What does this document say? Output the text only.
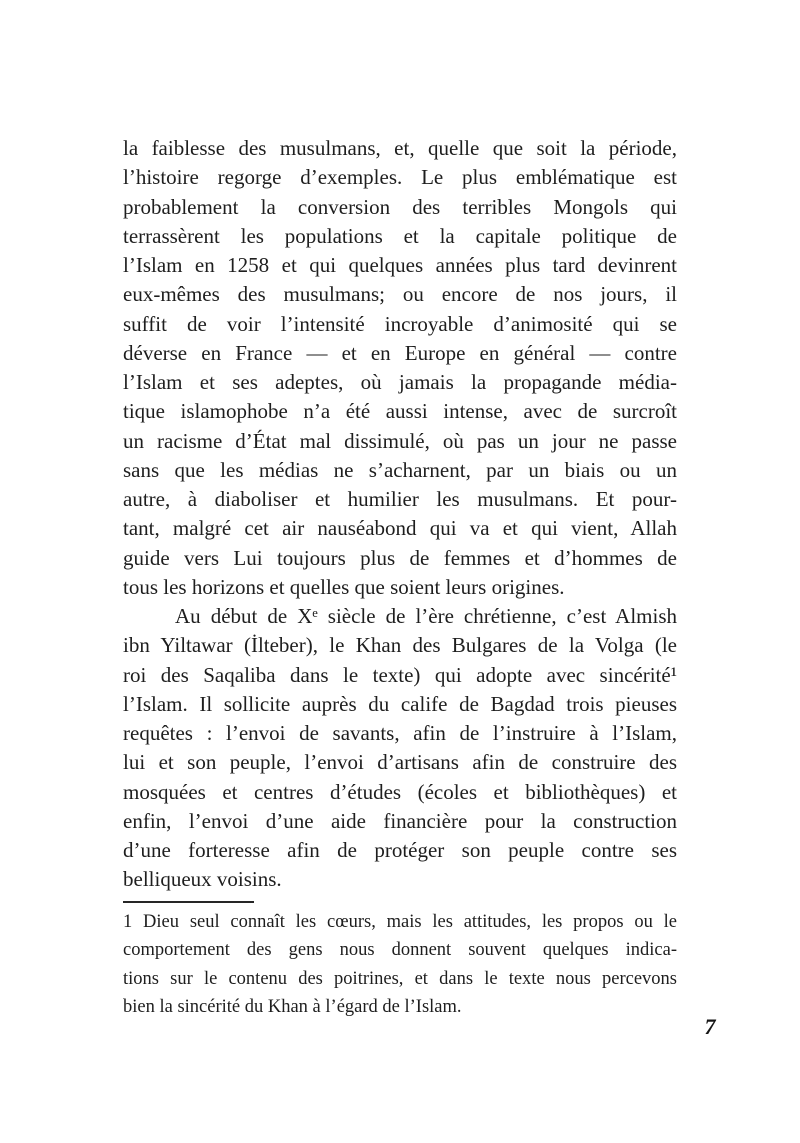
la faiblesse des musulmans, et, quelle que soit la période,
l’histoire regorge d’exemples. Le plus emblématique est
probablement la conversion des terribles Mongols qui
terrassèrent les populations et la capitale politique de
l’Islam en 1258 et qui quelques années plus tard devinrent
eux-mêmes des musulmans; ou encore de nos jours, il
suffit de voir l’intensité incroyable d’animosité qui se
déverse en France — et en Europe en général — contre
l’Islam et ses adeptes, où jamais la propagande média-
tique islamophobe n’a été aussi intense, avec de surcroît
un racisme d’État mal dissimulé, où pas un jour ne passe
sans que les médias ne s’acharnent, par un biais ou un
autre, à diaboliser et humilier les musulmans. Et pour-
tant, malgré cet air nauséabond qui va et qui vient, Allah
guide vers Lui toujours plus de femmes et d’hommes de
tous les horizons et quelles que soient leurs origines.
Au début de Xᵉ siècle de l’ère chrétienne, c’est Almish
ibn Yiltawar (İlteber), le Khan des Bulgares de la Volga (le
roi des Saqaliba dans le texte) qui adopte avec sincérité¹
l’Islam. Il sollicite auprès du calife de Bagdad trois pieuses
requêtes : l’envoi de savants, afin de l’instruire à l’Islam,
lui et son peuple, l’envoi d’artisans afin de construire des
mosquées et centres d’études (écoles et bibliothèques) et
enfin, l’envoi d’une aide financière pour la construction
d’une forteresse afin de protéger son peuple contre ses
belliqueux voisins.
1 Dieu seul connaît les cœurs, mais les attitudes, les propos ou le
comportement des gens nous donnent souvent quelques indica-
tions sur le contenu des poitrines, et dans le texte nous percevons
bien la sincérité du Khan à l’égard de l’Islam.
7
